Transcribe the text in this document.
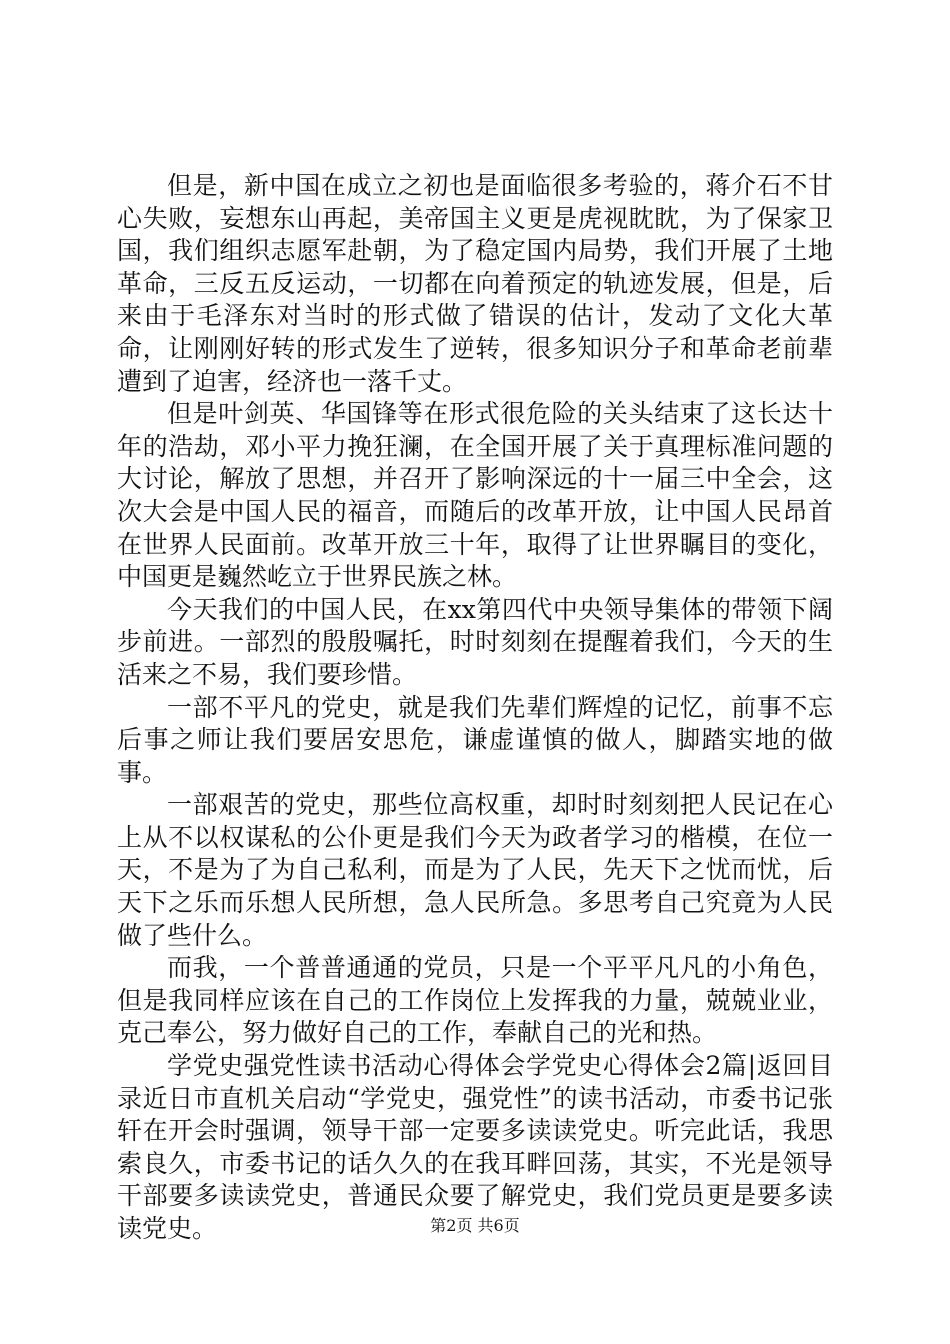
但是，新中国在成立之初也是面临很多考验的，蒋介石不甘心失败，妄想东山再起，美帝国主义更是虎视眈眈，为了保家卫国，我们组织志愿军赴朝，为了稳定国内局势，我们开展了土地革命，三反五反运动，一切都在向着预定的轨迹发展，但是，后来由于毛泽东对当时的形式做了错误的估计，发动了文化大革命，让刚刚好转的形式发生了逆转，很多知识分子和革命老前辈遭到了迫害，经济也一落千丈。

但是叶剑英、华国锋等在形式很危险的关头结束了这长达十年的浩劫，邓小平力挽狂澜，在全国开展了关于真理标准问题的大讨论，解放了思想，并召开了影响深远的十一届三中全会，这次大会是中国人民的福音，而随后的改革开放，让中国人民昂首在世界人民面前。改革开放三十年，取得了让世界瞩目的变化，中国更是巍然屹立于世界民族之林。

今天我们的中国人民，在xx第四代中央领导集体的带领下阔步前进。一部烈的殷殷嘱托，时时刻刻在提醒着我们，今天的生活来之不易，我们要珍惜。

一部不平凡的党史，就是我们先辈们辉煌的记忆，前事不忘后事之师让我们要居安思危，谦虚谨慎的做人，脚踏实地的做事。

一部艰苦的党史，那些位高权重，却时时刻刻把人民记在心上从不以权谋私的公仆更是我们今天为政者学习的楷模，在位一天，不是为了为自己私利，而是为了人民，先天下之忧而忧，后天下之乐而乐想人民所想，急人民所急。多思考自己究竟为人民做了些什么。

而我，一个普普通通的党员，只是一个平平凡凡的小角色，但是我同样应该在自己的工作岗位上发挥我的力量，兢兢业业，克己奉公，努力做好自己的工作，奉献自己的光和热。

学党史强党性读书活动心得体会学党史心得体会2篇|返回目录近日市直机关启动“学党史，强党性”的读书活动，市委书记张轩在开会时强调，领导干部一定要多读读党史。听完此话，我思索良久，市委书记的话久久的在我耳畔回荡，其实，不光是领导干部要多读读党史，普通民众要了解党史，我们党员更是要多读读党史。	第2页 共6页
